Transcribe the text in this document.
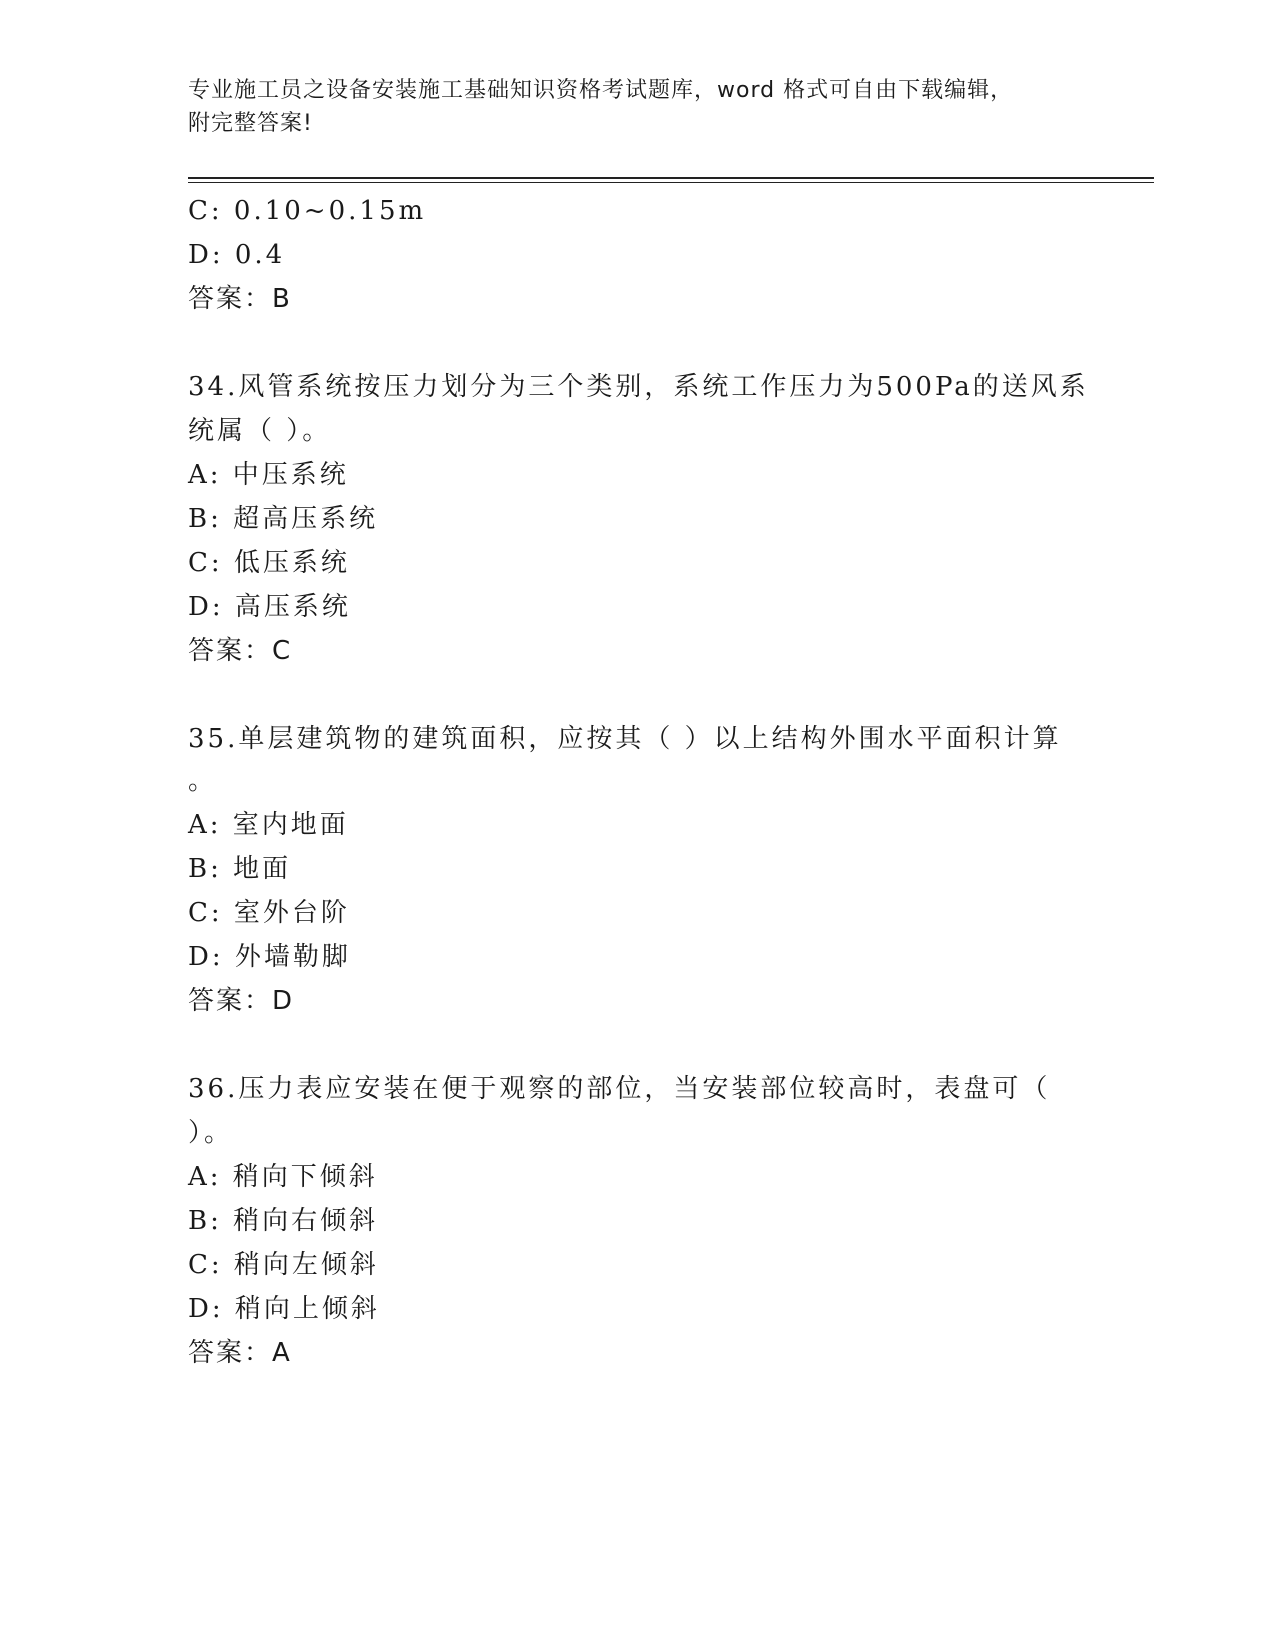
专业施工员之设备安装施工基础知识资格考试题库，word 格式可自由下载编辑，
附完整答案!
C: 0.10~0.15m
D: 0.4
答案：B
34.风管系统按压力划分为三个类别，系统工作压力为500Pa的送风系
统属（ ）。
A: 中压系统
B: 超高压系统
C: 低压系统
D: 高压系统
答案：C
35.单层建筑物的建筑面积，应按其（ ）以上结构外围水平面积计算
。
A: 室内地面
B: 地面
C: 室外台阶
D: 外墙勒脚
答案：D
36.压力表应安装在便于观察的部位，当安装部位较高时，表盘可（
）。
A: 稍向下倾斜
B: 稍向右倾斜
C: 稍向左倾斜
D: 稍向上倾斜
答案：A
